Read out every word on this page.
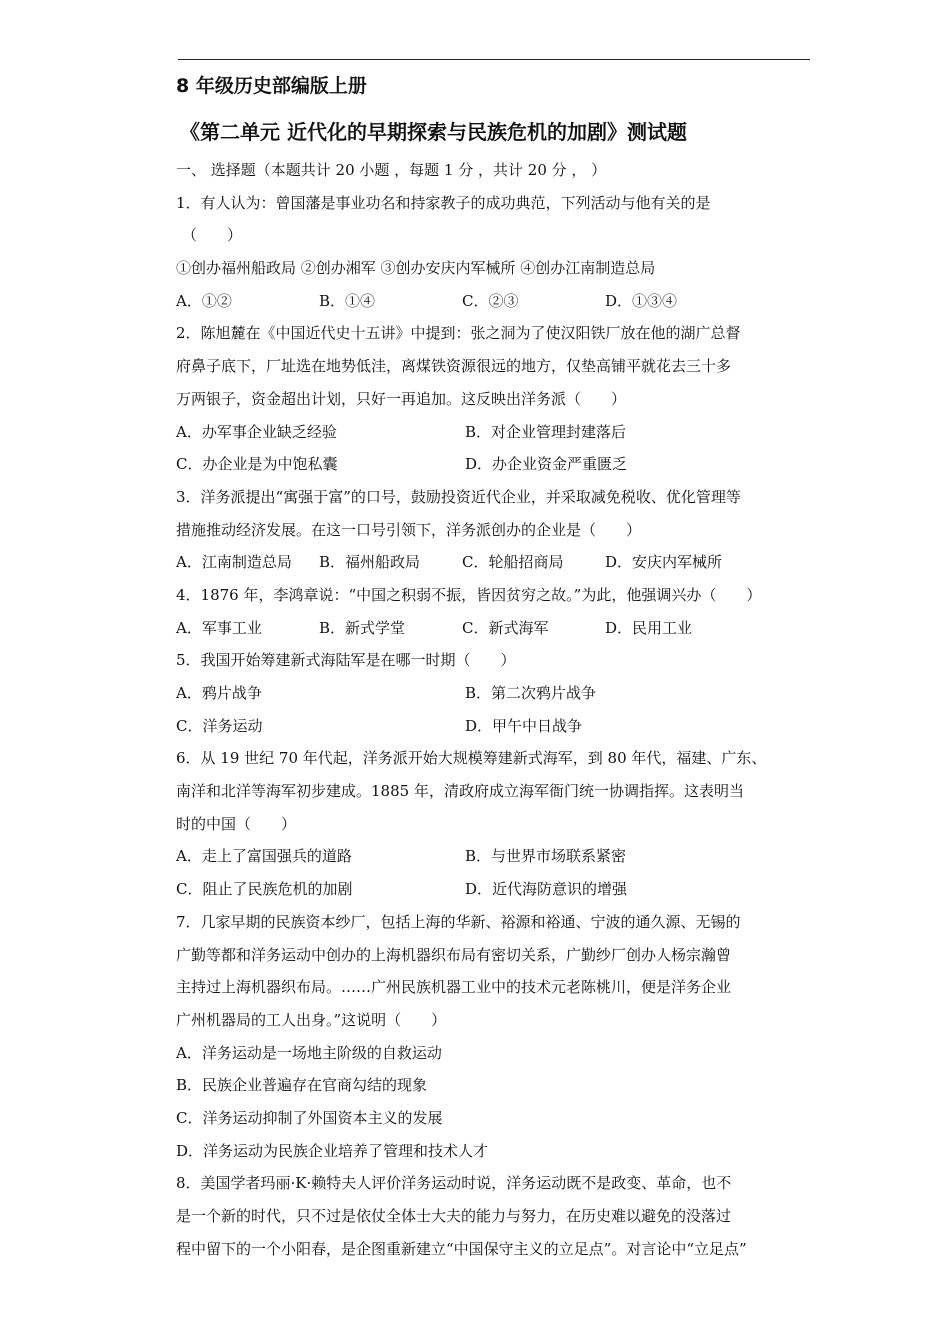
8 年级历史部编版上册
《第二单元 近代化的早期探索与民族危机的加剧》测试题
一、 选择题（本题共计 20 小题 ，每题 1 分 ，共计 20 分 ， ）
1．有人认为：曾国藩是事业功名和持家教子的成功典范，下列活动与他有关的是
（　　）
①创办福州船政局 ②创办湘军 ③创办安庆内军械所 ④创办江南制造总局
A．①②	B．①④	C．②③	D．①③④
2．陈旭麓在《中国近代史十五讲》中提到：张之洞为了使汉阳铁厂放在他的湖广总督
府鼻子底下，厂址选在地势低洼，离煤铁资源很远的地方，仅垫高铺平就花去三十多
万两银子，资金超出计划，只好一再追加。这反映出洋务派（　　）
A．办军事企业缺乏经验	B．对企业管理封建落后
C．办企业是为中饱私囊	D．办企业资金严重匮乏
3．洋务派提出“寓强于富”的口号，鼓励投资近代企业，并采取减免税收、优化管理等
措施推动经济发展。在这一口号引领下，洋务派创办的企业是（　　）
A．江南制造总局	B．福州船政局	C．轮船招商局	D．安庆内军械所
4．1876 年，李鸿章说：“中国之积弱不振，皆因贫穷之故。”为此，他强调兴办（　　）
A．军事工业	B．新式学堂	C．新式海军	D．民用工业
5．我国开始筹建新式海陆军是在哪一时期（　　）
A．鸦片战争	B．第二次鸦片战争
C．洋务运动	D．甲午中日战争
6．从 19 世纪 70 年代起，洋务派开始大规模筹建新式海军，到 80 年代，福建、广东、
南洋和北洋等海军初步建成。1885 年，清政府成立海军衙门统一协调指挥。这表明当
时的中国（　　）
A．走上了富国强兵的道路	B．与世界市场联系紧密
C．阻止了民族危机的加剧	D．近代海防意识的增强
7．几家早期的民族资本纱厂，包括上海的华新、裕源和裕通、宁波的通久源、无锡的
广勤等都和洋务运动中创办的上海机器织布局有密切关系，广勤纱厂创办人杨宗瀚曾
主持过上海机器织布局。……广州民族机器工业中的技术元老陈桃川，便是洋务企业
广州机器局的工人出身。”这说明（　　）
A．洋务运动是一场地主阶级的自救运动
B．民族企业普遍存在官商勾结的现象
C．洋务运动抑制了外国资本主义的发展
D．洋务运动为民族企业培养了管理和技术人才
8．美国学者玛丽·K·赖特夫人评价洋务运动时说，洋务运动既不是政变、革命，也不
是一个新的时代，只不过是依仗全体士大夫的能力与努力，在历史难以避免的没落过
程中留下的一个小阳春，是企图重新建立“中国保守主义的立足点”。对言论中“立足点”
